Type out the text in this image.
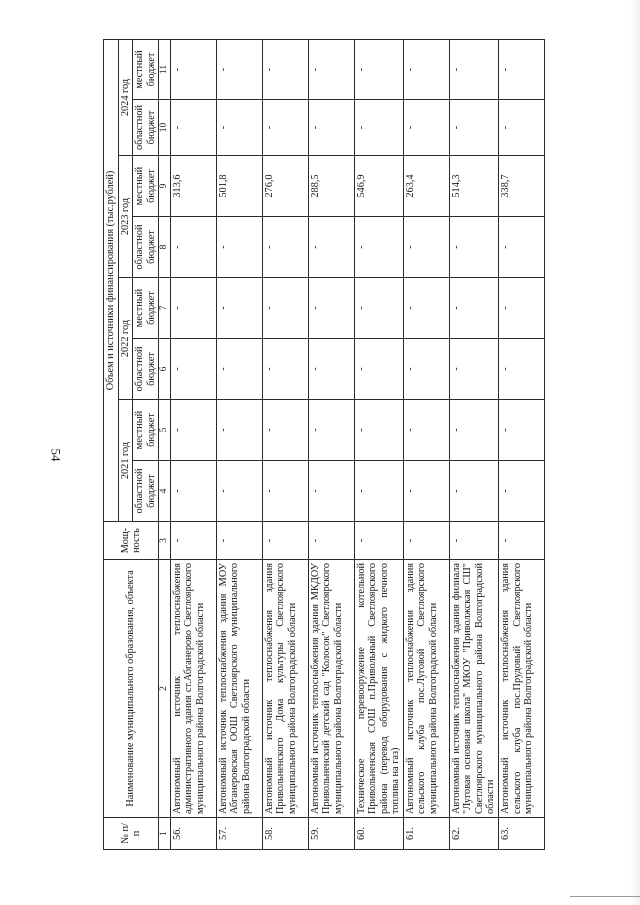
54
№ п/п	Наименование муниципального образования, объекта	Мощ-ность	Объем и источники финансирования (тыс.рублей)							
			2021 год		2022 год		2023 год		2024 год	
			областной бюджет	местный бюджет	областной бюджет	местный бюджет	областной бюджет	местный бюджет	областной бюджет	местный бюджет
1	2	3	4	5	6	7	8	9	10	11
56.	Автономный источник теплоснабжения административного здания ст.Абганерово Светлоярского муниципального района Волгоградской области	-	-	-	-	-	-	313,6	-	-
57.	Автономный источник теплоснабжения здания МОУ Абганеровская ООШ Светлоярского муниципального района Волгоградской области	-	-	-	-	-	-	501,8	-	-
58.	Автономный источник теплоснабжения здания Привольненского Дома культуры Светлоярского муниципального района Волгоградской области	-	-	-	-	-	-	276,0	-	-
59.	Автономный источник теплоснабжения здания МКДОУ Привольненский детский сад "Колосок" Светлоярского муниципального района Волгоградской области	-	-	-	-	-	-	288,5	-	-
60.	Техническое перевооружение котельной Привольненская СОШ п.Привольный Светлоярского района (перевод оборудования с жидкого печного топлива на газ)	-	-	-	-	-	-	546,9	-	-
61.	Автономный источник теплоснабжения здания сельского клуба пос.Луговой Светлоярского муниципального района Волгоградской области	-	-	-	-	-	-	263,4	-	-
62.	Автономный источник теплоснабжения здания филиала "Луговая основная школа" МКОУ "Приволжская СШ" Светлоярского муниципального района Волгоградской области	-	-	-	-	-	-	514,3	-	-
63.	Автономный источник теплоснабжения здания сельского клуба пос.Прудовый Светлоярского муниципального района Волгоградской области	-	-	-	-	-	-	338,7	-	-
